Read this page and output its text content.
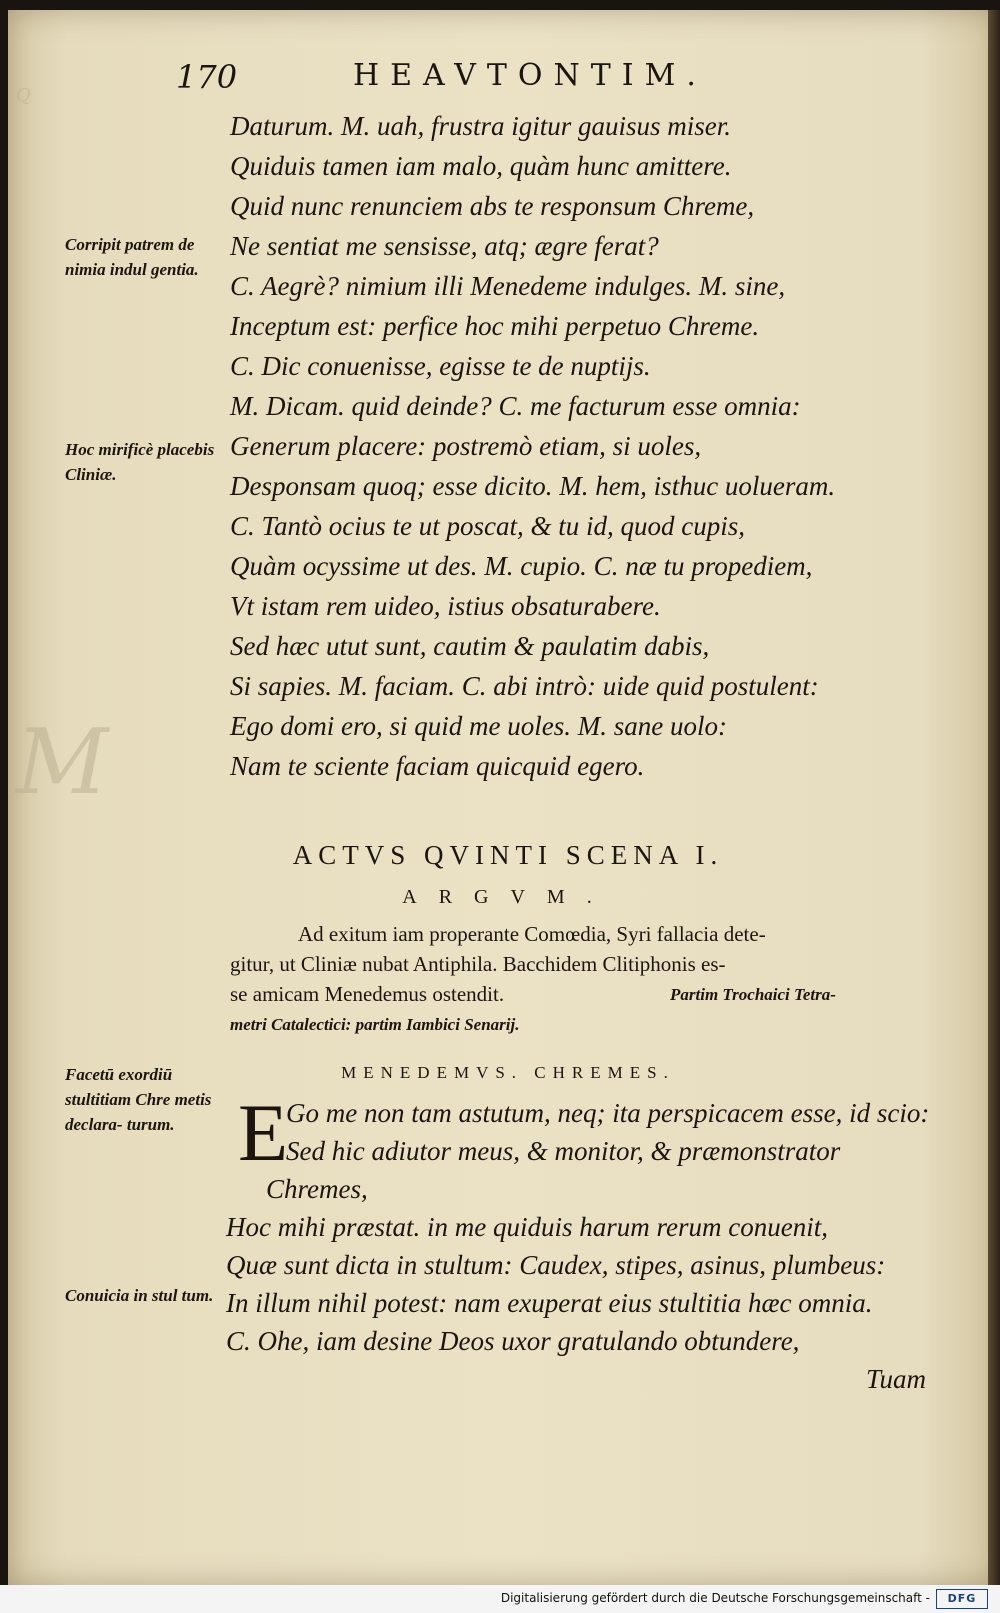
Q
M
170	HEAVTONTIM.
Daturum. M. uah, frustra igitur gauisus miser.
Quiduis tamen iam malo, quàm hunc amittere.
Quid nunc renunciem abs te responsum Chreme,
Ne sentiat me sensisse, atq; ægre ferat?
C. Aegrè? nimium illi Menedeme indulges. M. sine,
Inceptum est: perfice hoc mihi perpetuo Chreme.
C. Dic conuenisse, egisse te de nuptijs.
M. Dicam. quid deinde? C. me facturum esse omnia:
Generum placere: postremò etiam, si uoles,
Desponsam quoq; esse dicito. M. hem, isthuc uolueram.
C. Tantò ocius te ut poscat, & tu id, quod cupis,
Quàm ocyssime ut des. M. cupio. C. næ tu propediem,
Vt istam rem uideo, istius obsaturabere.
Sed hæc utut sunt, cautim & paulatim dabis,
Si sapies. M. faciam. C. abi intrò: uide quid postulent:
Ego domi ero, si quid me uoles. M. sane uolo:
Nam te sciente faciam quicquid egero.
Corripit patrem de nimia indul gentia.
Hoc mirificè placebis Cliniæ.
ACTVS QVINTI SCENA I.
ARGVM.
Ad exitum iam properante Comœdia, Syri fallacia dete-
gitur, ut Cliniæ nubat Antiphila. Bacchidem Clitiphonis es-
se amicam Menedemus ostendit.	Partim Trochaici Tetra-
metri Catalectici: partim Iambici Senarij.
MENEDEMVS. CHREMES.
E
Go me non tam astutum, neq; ita perspicacem esse, id scio:
Sed hic adiutor meus, & monitor, & præmonstrator
Chremes,
Hoc mihi præstat. in me quiduis harum rerum conuenit,
Quæ sunt dicta in stultum: Caudex, stipes, asinus, plumbeus:
In illum nihil potest: nam exuperat eius stultitia hæc omnia.
C. Ohe, iam desine Deos uxor gratulando obtundere,
Facetū exordiū stultitiam Chre metis declara- turum.
Conuicia in stul tum.
Tuam
Digitalisierung gefördert durch die Deutsche Forschungsgemeinschaft -	DFG
